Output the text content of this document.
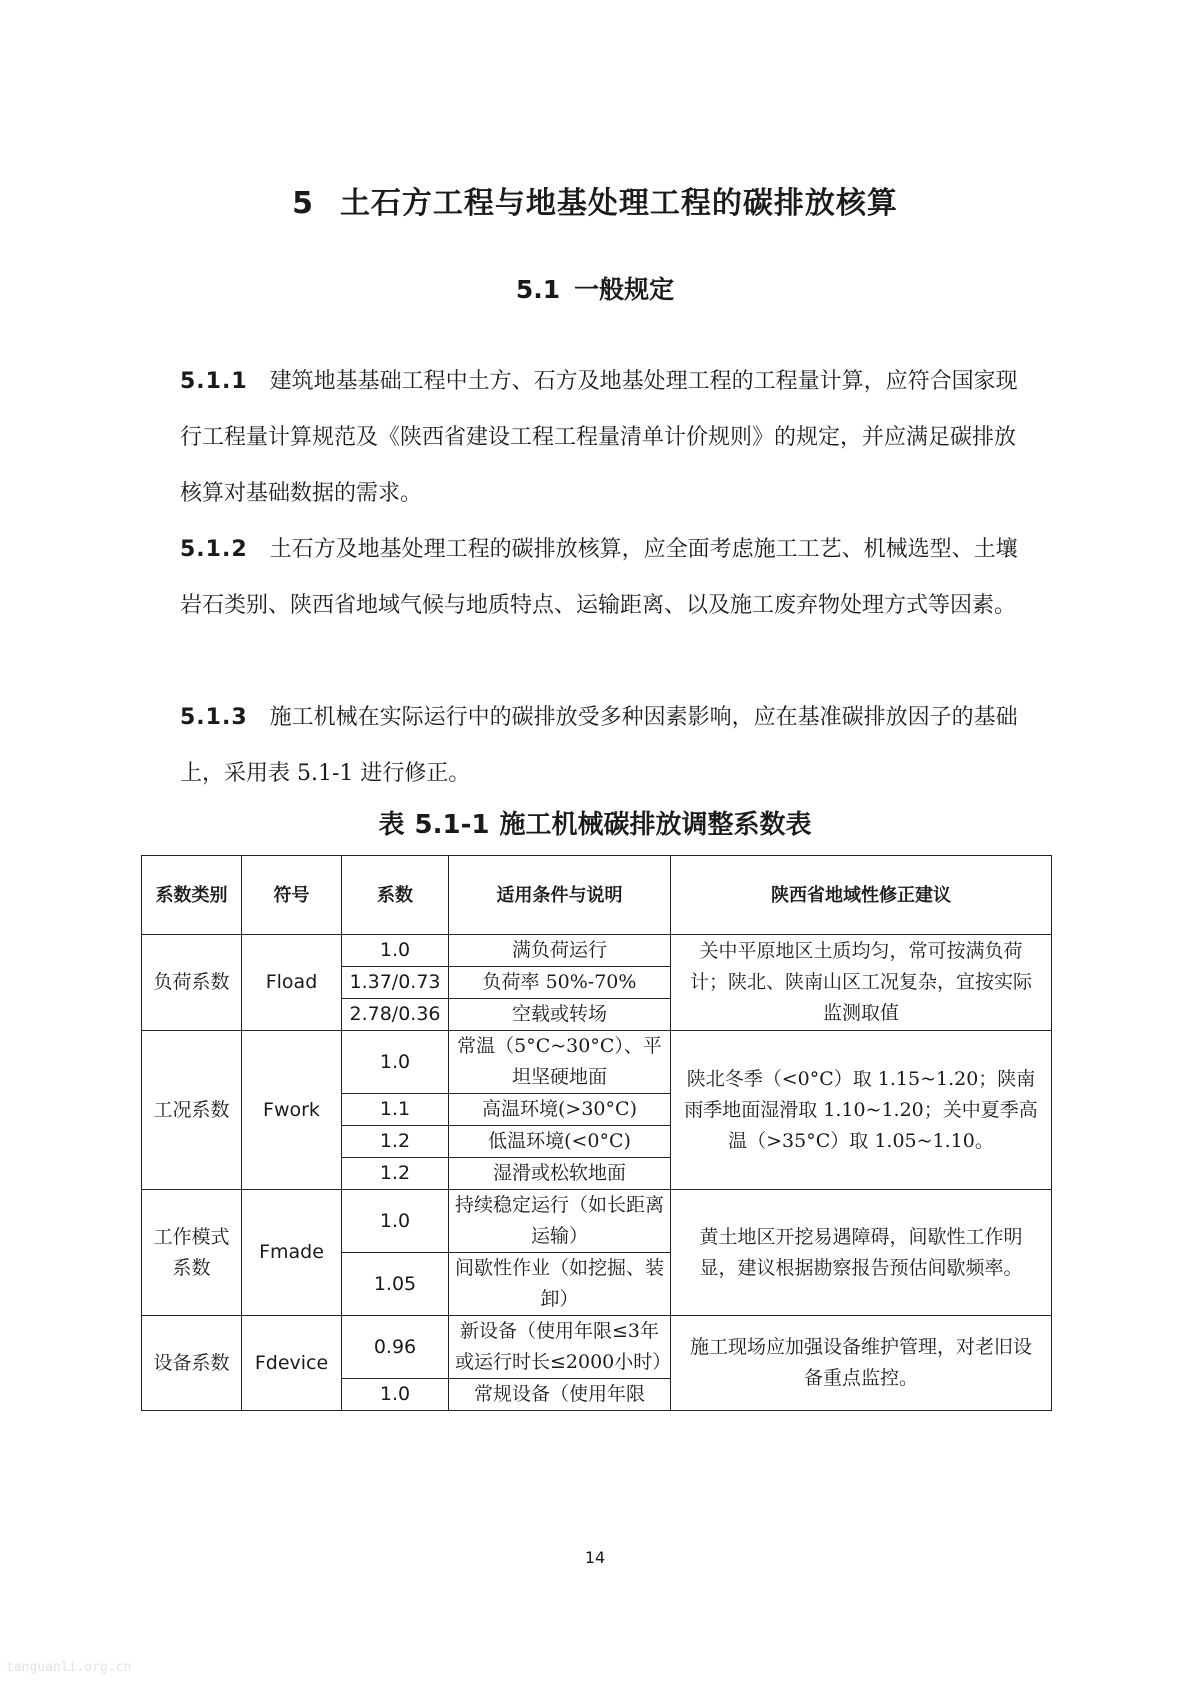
5 土石方工程与地基处理工程的碳排放核算
5.1 一般规定

5.1.1 建筑地基基础工程中土方、石方及地基处理工程的工程量计算，应符合国家现行工程量计算规范及《陕西省建设工程工程量清单计价规则》的规定，并应满足碳排放核算对基础数据的需求。

5.1.2 土石方及地基处理工程的碳排放核算，应全面考虑施工工艺、机械选型、土壤岩石类别、陕西省地域气候与地质特点、运输距离、以及施工废弃物处理方式等因素。

5.1.3 施工机械在实际运行中的碳排放受多种因素影响，应在基准碳排放因子的基础上，采用表 5.1-1 进行修正。

表 5.1-1 施工机械碳排放调整系数表
系数类别	符号	系数	适用条件与说明	陕西省地域性修正建议
负荷系数	Fload	1.0	满负荷运行	关中平原地区土质均匀，常可按满负荷计；陕北、陕南山区工况复杂，宜按实际监测取值
		1.37/0.73	负荷率 50%-70%	
		2.78/0.36	空载或转场	
工况系数	Fwork	1.0	常温（5°C~30°C）、平坦坚硬地面	陕北冬季（<0°C）取 1.15~1.20；陕南雨季地面湿滑取 1.10~1.20；关中夏季高温（>35°C）取 1.05~1.10。
		1.1	高温环境(>30°C)	
		1.2	低温环境(<0°C)	
		1.2	湿滑或松软地面	
工作模式系数	Fmade	1.0	持续稳定运行（如长距离运输）	黄土地区开挖易遇障碍，间歇性工作明显，建议根据勘察报告预估间歇频率。
		1.05	间歇性作业（如挖掘、装卸）	
设备系数	Fdevice	0.96	新设备（使用年限≤3年或运行时长≤2000小时）	施工现场应加强设备维护管理，对老旧设备重点监控。
		1.0	常规设备（使用年限	
14
tanguanli.org.cn
